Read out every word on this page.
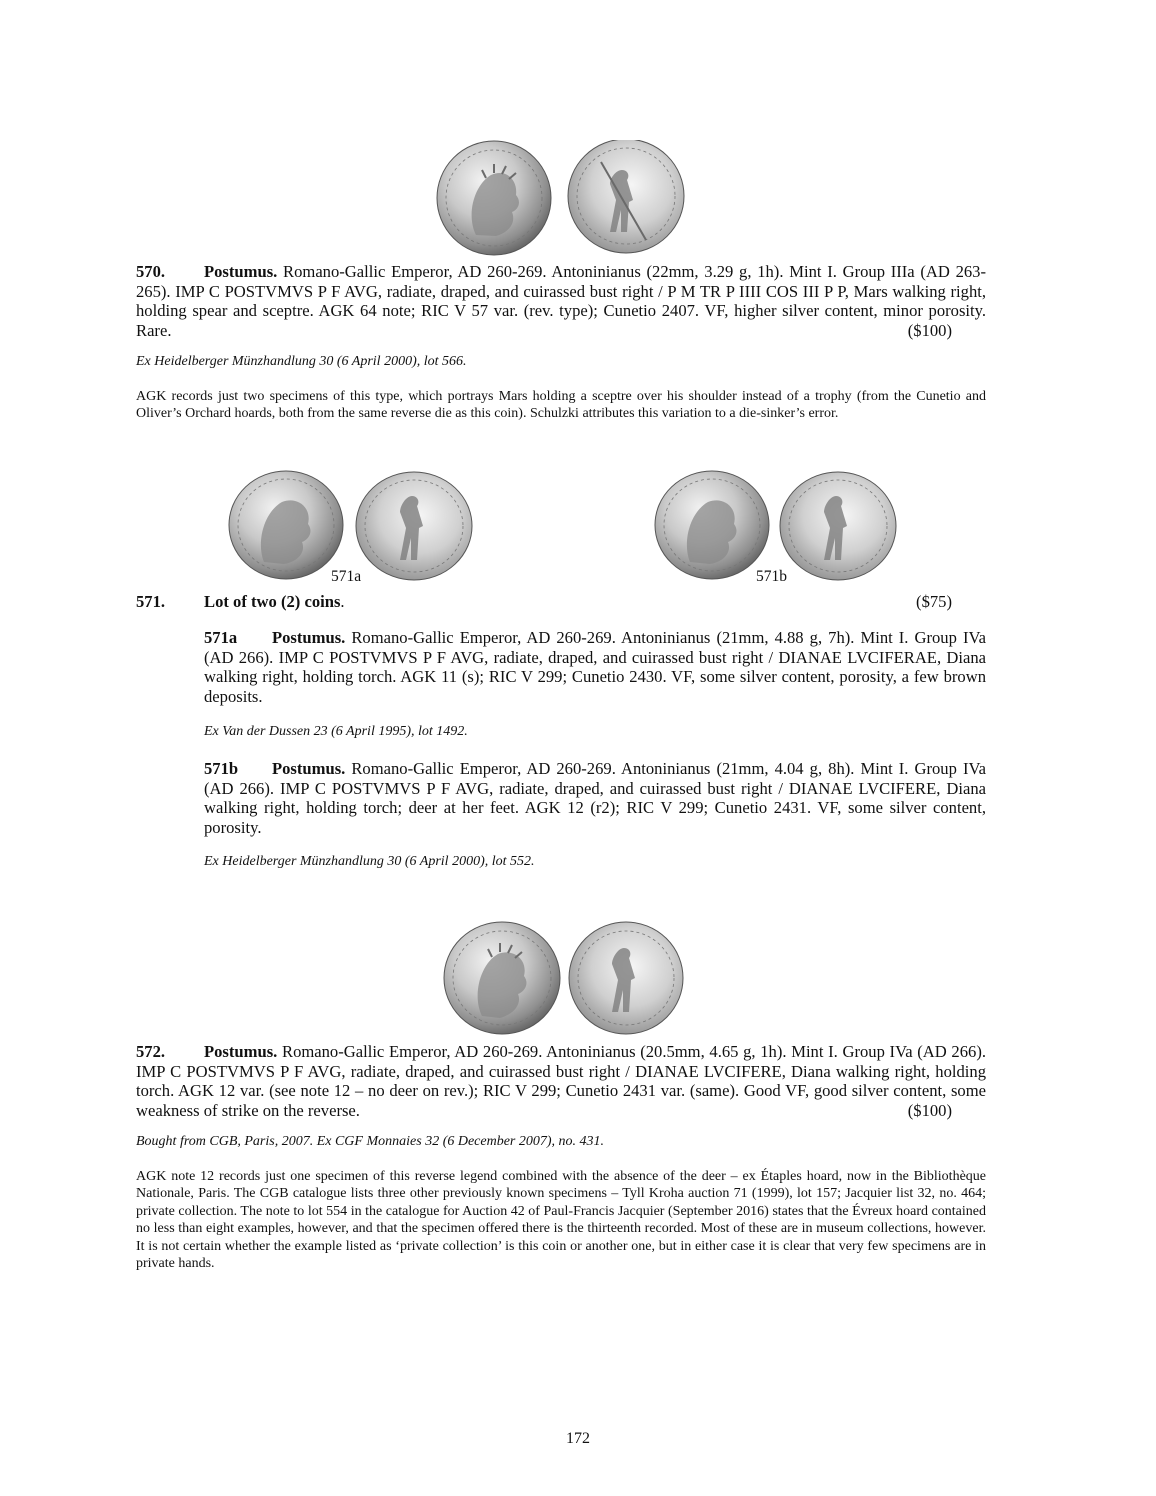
570. Postumus. Romano-Gallic Emperor, AD 260-269. Antoninianus (22mm, 3.29 g, 1h). Mint I. Group IIIa (AD 263-265). IMP C POSTVMVS P F AVG, radiate, draped, and cuirassed bust right / P M TR P IIII COS III P P, Mars walking right, holding spear and sceptre. AGK 64 note; RIC V 57 var. (rev. type); Cunetio 2407. VF, higher silver content, minor porosity. Rare.	($100)
Ex Heidelberger Münzhandlung 30 (6 April 2000), lot 566.
AGK records just two specimens of this type, which portrays Mars holding a sceptre over his shoulder instead of a trophy (from the Cunetio and Oliver’s Orchard hoards, both from the same reverse die as this coin). Schulzki attributes this variation to a die-sinker’s error.
571a	571b
571. Lot of two (2) coins.	($75)
571a Postumus. Romano-Gallic Emperor, AD 260-269. Antoninianus (21mm, 4.88 g, 7h). Mint I. Group IVa (AD 266). IMP C POSTVMVS P F AVG, radiate, draped, and cuirassed bust right / DIANAE LVCIFERAE, Diana walking right, holding torch. AGK 11 (s); RIC V 299; Cunetio 2430. VF, some silver content, porosity, a few brown deposits.
Ex Van der Dussen 23 (6 April 1995), lot 1492.
571b Postumus. Romano-Gallic Emperor, AD 260-269. Antoninianus (21mm, 4.04 g, 8h). Mint I. Group IVa (AD 266). IMP C POSTVMVS P F AVG, radiate, draped, and cuirassed bust right / DIANAE LVCIFERE, Diana walking right, holding torch; deer at her feet. AGK 12 (r2); RIC V 299; Cunetio 2431. VF, some silver content, porosity.
Ex Heidelberger Münzhandlung 30 (6 April 2000), lot 552.
572. Postumus. Romano-Gallic Emperor, AD 260-269. Antoninianus (20.5mm, 4.65 g, 1h). Mint I. Group IVa (AD 266). IMP C POSTVMVS P F AVG, radiate, draped, and cuirassed bust right / DIANAE LVCIFERE, Diana walking right, holding torch. AGK 12 var. (see note 12 – no deer on rev.); RIC V 299; Cunetio 2431 var. (same). Good VF, good silver content, some weakness of strike on the reverse.	($100)
Bought from CGB, Paris, 2007. Ex CGF Monnaies 32 (6 December 2007), no. 431.
AGK note 12 records just one specimen of this reverse legend combined with the absence of the deer – ex Étaples hoard, now in the Bibliothèque Nationale, Paris. The CGB catalogue lists three other previously known specimens – Tyll Kroha auction 71 (1999), lot 157; Jacquier list 32, no. 464; private collection. The note to lot 554 in the catalogue for Auction 42 of Paul-Francis Jacquier (September 2016) states that the Évreux hoard contained no less than eight examples, however, and that the specimen offered there is the thirteenth recorded. Most of these are in museum collections, however. It is not certain whether the example listed as ‘private collection’ is this coin or another one, but in either case it is clear that very few specimens are in private hands.
172
